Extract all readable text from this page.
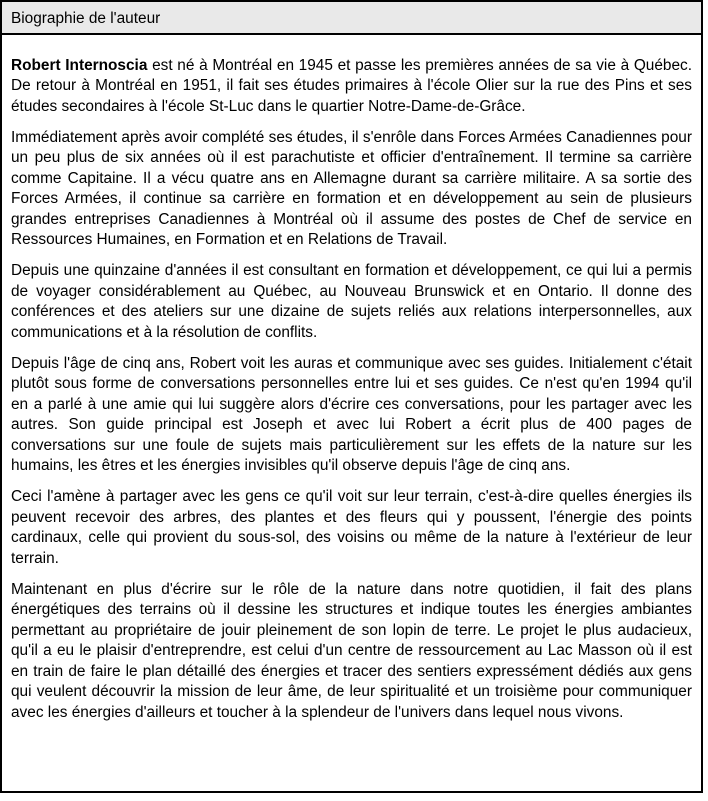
Biographie de l'auteur

Robert Internoscia est né à Montréal en 1945 et passe les premières années de sa vie à Québec. De retour à Montréal en 1951, il fait ses études primaires à l'école Olier sur la rue des Pins et ses études secondaires à l'école St-Luc dans le quartier Notre-Dame-de-Grâce.

Immédiatement après avoir complété ses études, il s'enrôle dans Forces Armées Canadiennes pour un peu plus de six années où il est parachutiste et officier d'entraînement. Il termine sa carrière comme Capitaine. Il a vécu quatre ans en Allemagne durant sa carrière militaire. A sa sortie des Forces Armées, il continue sa carrière en formation et en développement au sein de plusieurs grandes entreprises Canadiennes à Montréal où il assume des postes de Chef de service en Ressources Humaines, en Formation et en Relations de Travail.

Depuis une quinzaine d'années il est consultant en formation et développement, ce qui lui a permis de voyager considérablement au Québec, au Nouveau Brunswick et en Ontario. Il donne des conférences et des ateliers sur une dizaine de sujets reliés aux relations interpersonnelles, aux communications et à la résolution de conflits.

Depuis l'âge de cinq ans, Robert voit les auras et communique avec ses guides. Initialement c'était plutôt sous forme de conversations personnelles entre lui et ses guides. Ce n'est qu'en 1994 qu'il en a parlé à une amie qui lui suggère alors d'écrire ces conversations, pour les partager avec les autres. Son guide principal est Joseph et avec lui Robert a écrit plus de 400 pages de conversations sur une foule de sujets mais particulièrement sur les effets de la nature sur les humains, les êtres et les énergies invisibles qu'il observe depuis l'âge de cinq ans.

Ceci l'amène à partager avec les gens ce qu'il voit sur leur terrain, c'est-à-dire quelles énergies ils peuvent recevoir des arbres, des plantes et des fleurs qui y poussent, l'énergie des points cardinaux, celle qui provient du sous-sol, des voisins ou même de la nature à l'extérieur de leur terrain.

Maintenant en plus d'écrire sur le rôle de la nature dans notre quotidien, il fait des plans énergétiques des terrains où il dessine les structures et indique toutes les énergies ambiantes permettant au propriétaire de jouir pleinement de son lopin de terre. Le projet le plus audacieux, qu'il a eu le plaisir d'entreprendre, est celui d'un centre de ressourcement au Lac Masson où il est en train de faire le plan détaillé des énergies et tracer des sentiers expressément dédiés aux gens qui veulent découvrir la mission de leur âme, de leur spiritualité et un troisième pour communiquer avec les énergies d'ailleurs et toucher à la splendeur de l'univers dans lequel nous vivons.
